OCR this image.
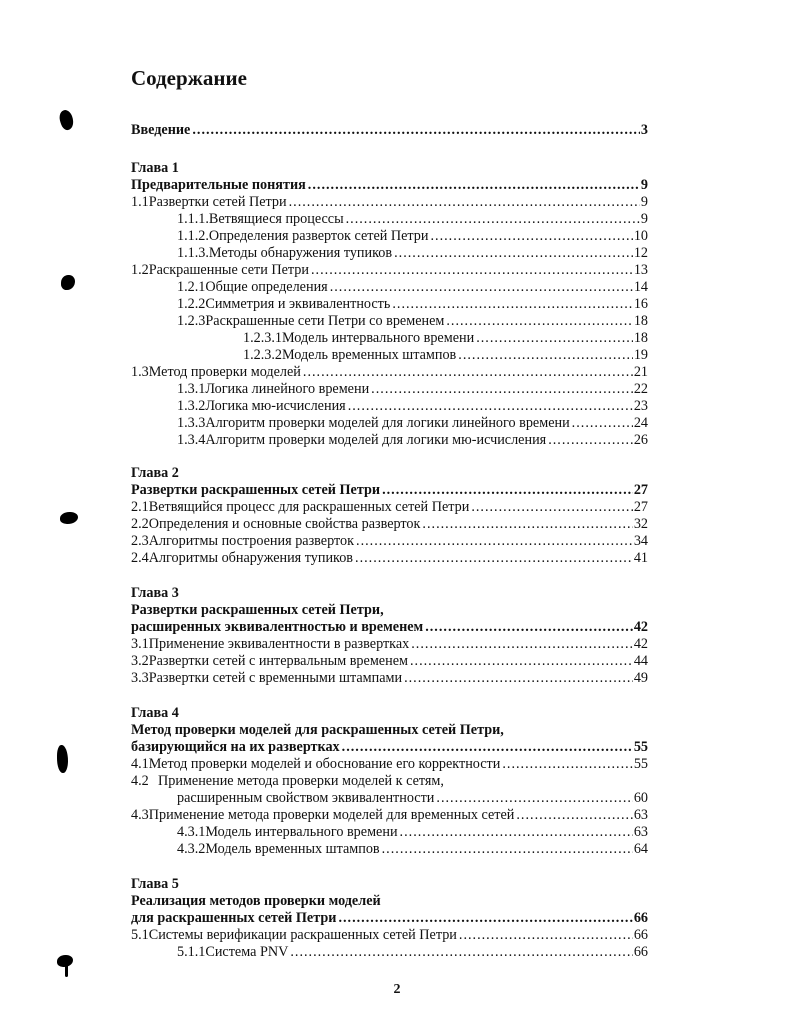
Содержание
Введение .....	3
Глава 1
Предварительные понятия .....	9
1.1 Развертки сетей Петри .....	9
1.1.1. Ветвящиеся процессы .....	9
1.1.2. Определения разверток сетей Петри .....	10
1.1.3. Методы обнаружения тупиков .....	12
1.2 Раскрашенные сети Петри .....	13
1.2.1 Общие определения .....	14
1.2.2 Симметрия и эквивалентность .....	16
1.2.3 Раскрашенные сети Петри со временем .....	18
1.2.3.1 Модель интервального времени .....	18
1.2.3.2 Модель временных штампов .....	19
1.3 Метод проверки моделей .....	21
1.3.1 Логика линейного времени .....	22
1.3.2 Логика мю-исчисления .....	23
1.3.3 Алгоритм проверки моделей для логики линейного времени .....	24
1.3.4 Алгоритм проверки моделей для логики мю-исчисления .....	26
Глава 2
Развертки раскрашенных сетей Петри .....	27
2.1 Ветвящийся процесс для раскрашенных сетей Петри .....	27
2.2 Определения и основные свойства разверток .....	32
2.3 Алгоритмы построения разверток .....	34
2.4 Алгоритмы обнаружения тупиков .....	41
Глава 3
Развертки раскрашенных сетей Петри,
расширенных эквивалентностью и временем .....	42
3.1 Применение эквивалентности в развертках .....	42
3.2 Развертки сетей с интервальным временем .....	44
3.3 Развертки сетей с временными штампами .....	49
Глава 4
Метод проверки моделей для раскрашенных сетей Петри,
базирующийся на их развертках .....	55
4.1 Метод проверки моделей и обоснование его корректности .....	55
4.2 Применение метода проверки моделей к сетям,
расширенным свойством эквивалентности .....	60
4.3 Применение метода проверки моделей для временных сетей .....	63
4.3.1 Модель интервального времени .....	63
4.3.2 Модель временных штампов .....	64
Глава 5
Реализация методов проверки моделей
для раскрашенных сетей Петри .....	66
5.1 Системы верификации раскрашенных сетей Петри .....	66
5.1.1 Система PNV .....	66
2
